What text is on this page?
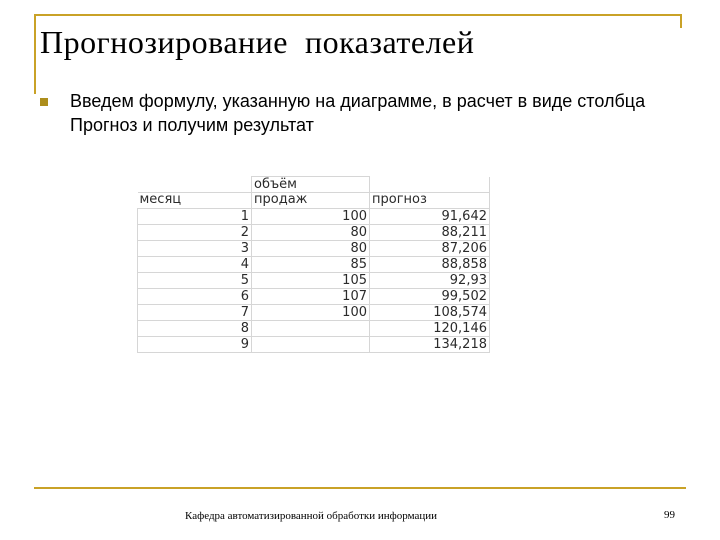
Прогнозирование  показателей
Введем формулу, указанную на диаграмме, в расчет в виде столбца Прогноз и получим результат
	объём	
месяц	продаж	прогноз
1	100	91,642
2	80	88,211
3	80	87,206
4	85	88,858
5	105	92,93
6	107	99,502
7	100	108,574
8		120,146
9		134,218
Кафедра автоматизированной обработки информации	99
